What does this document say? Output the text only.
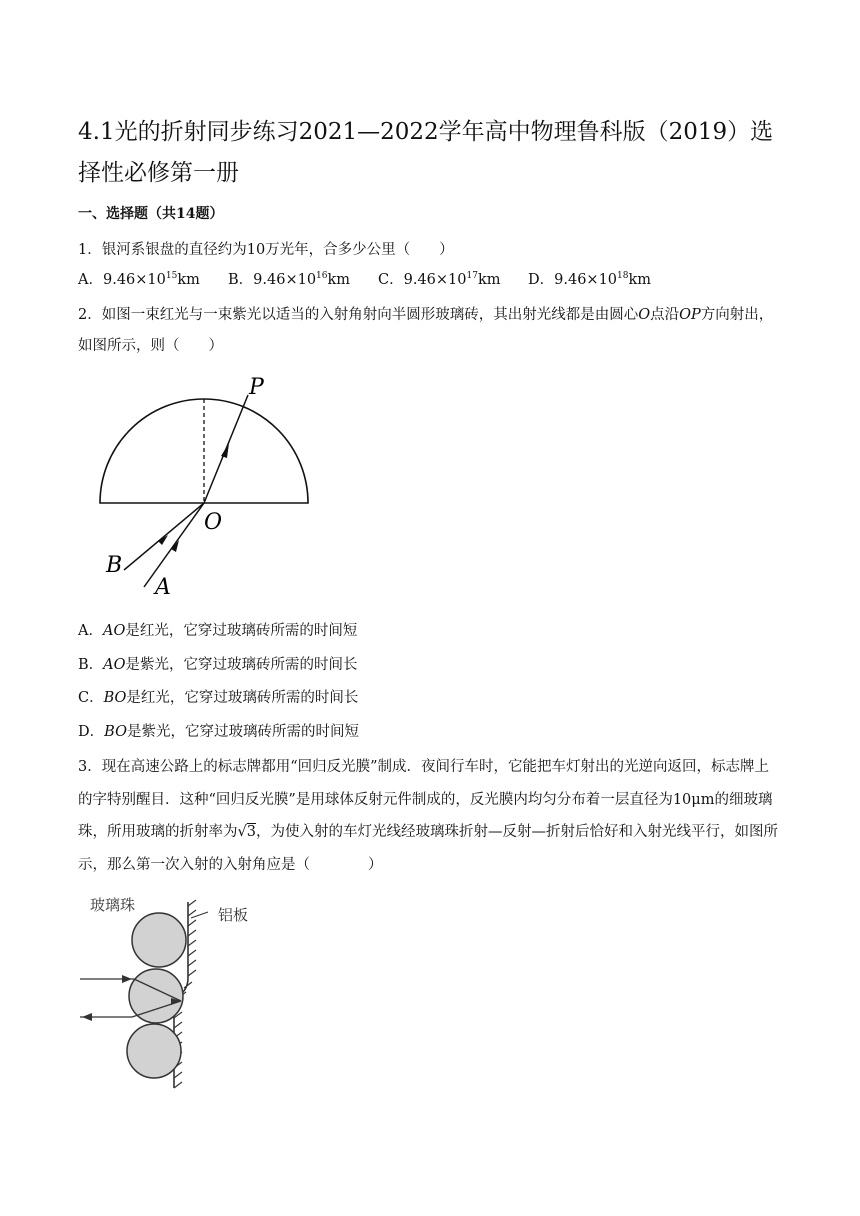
4.1光的折射同步练习2021—2022学年高中物理鲁科版（2019）选择性必修第一册
一、选择题（共14题）
1．银河系银盘的直径约为10万光年，合多少公里（　　）
A．$9.46\times 10^{15}km$ B．$9.46\times 10^{16}km$ C．$9.46\times 10^{17}km$ D．$9.46\times 10^{18}km$
2．如图一束红光与一束紫光以适当的入射角射向半圆形玻璃砖，其出射光线都是由圆心O点沿OP方向射出，如图所示，则（　　）
P
O
B
A
A．AO是红光，它穿过玻璃砖所需的时间短
B．AO是紫光，它穿过玻璃砖所需的时间长
C．BO是红光，它穿过玻璃砖所需的时间长
D．BO是紫光，它穿过玻璃砖所需的时间短
3．现在高速公路上的标志牌都用“回归反光膜”制成．夜间行车时，它能把车灯射出的光逆向返回，标志牌上的字特别醒目．这种“回归反光膜”是用球体反射元件制成的，反光膜内均匀分布着一层直径为10μm的细玻璃珠，所用玻璃的折射率为√3，为使入射的车灯光线经玻璃珠折射—反射—折射后恰好和入射光线平行，如图所示，那么第一次入射的入射角应是（　　　　）
玻璃珠
铝板
